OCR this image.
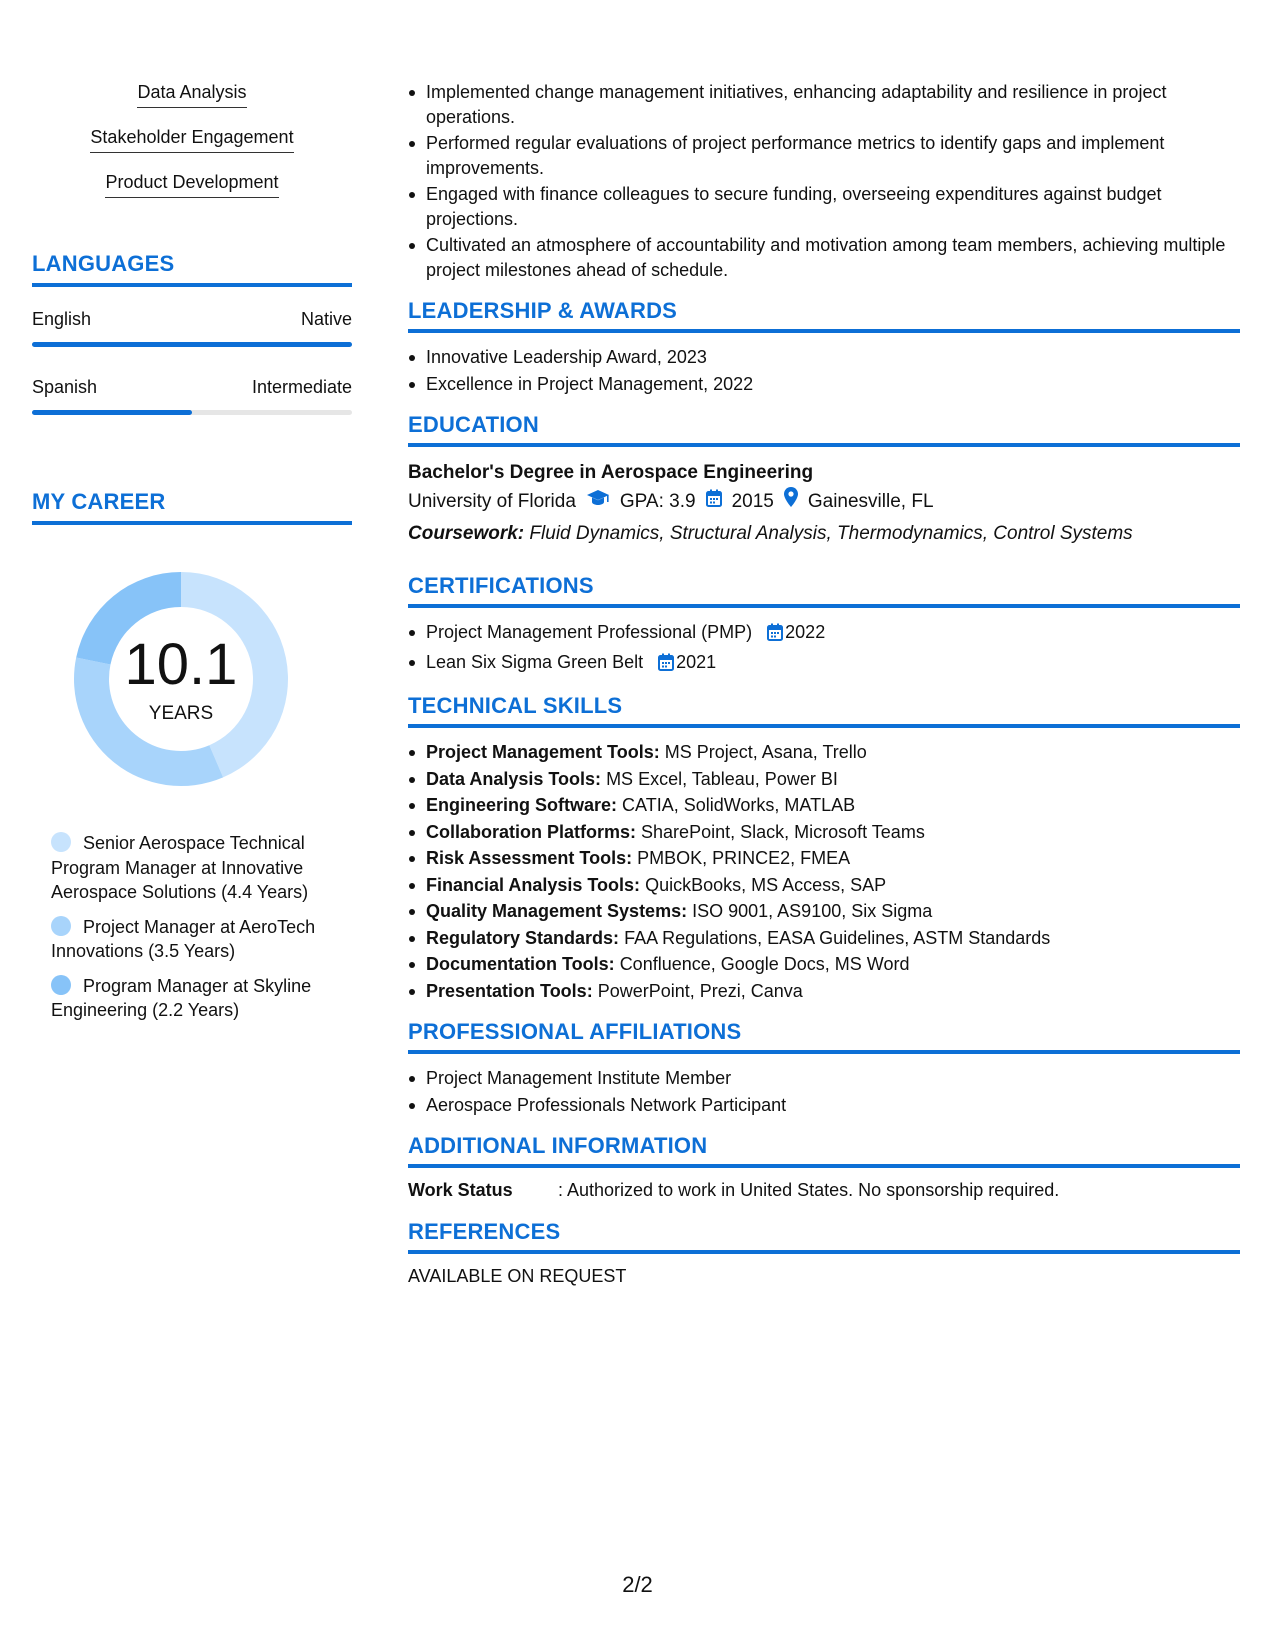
Data Analysis
Stakeholder Engagement
Product Development
LANGUAGES
English	Native
Spanish	Intermediate
MY CAREER
10.1
YEARS
Senior Aerospace Technical Program Manager at Innovative Aerospace Solutions (4.4 Years)
Project Manager at AeroTech Innovations (3.5 Years)
Program Manager at Skyline Engineering (2.2 Years)
Implemented change management initiatives, enhancing adaptability and resilience in project operations.
Performed regular evaluations of project performance metrics to identify gaps and implement improvements.
Engaged with finance colleagues to secure funding, overseeing expenditures against budget projections.
Cultivated an atmosphere of accountability and motivation among team members, achieving multiple project milestones ahead of schedule.
LEADERSHIP & AWARDS
Innovative Leadership Award, 2023
Excellence in Project Management, 2022
EDUCATION
Bachelor's Degree in Aerospace Engineering
University of Florida GPA: 3.9 2015 Gainesville, FL
Coursework: Fluid Dynamics, Structural Analysis, Thermodynamics, Control Systems
CERTIFICATIONS
Project Management Professional (PMP) 2022
Lean Six Sigma Green Belt 2021
TECHNICAL SKILLS
Project Management Tools: MS Project, Asana, Trello
Data Analysis Tools: MS Excel, Tableau, Power BI
Engineering Software: CATIA, SolidWorks, MATLAB
Collaboration Platforms: SharePoint, Slack, Microsoft Teams
Risk Assessment Tools: PMBOK, PRINCE2, FMEA
Financial Analysis Tools: QuickBooks, MS Access, SAP
Quality Management Systems: ISO 9001, AS9100, Six Sigma
Regulatory Standards: FAA Regulations, EASA Guidelines, ASTM Standards
Documentation Tools: Confluence, Google Docs, MS Word
Presentation Tools: PowerPoint, Prezi, Canva
PROFESSIONAL AFFILIATIONS
Project Management Institute Member
Aerospace Professionals Network Participant
ADDITIONAL INFORMATION
Work Status	: Authorized to work in United States. No sponsorship required.
REFERENCES
AVAILABLE ON REQUEST
2/2
